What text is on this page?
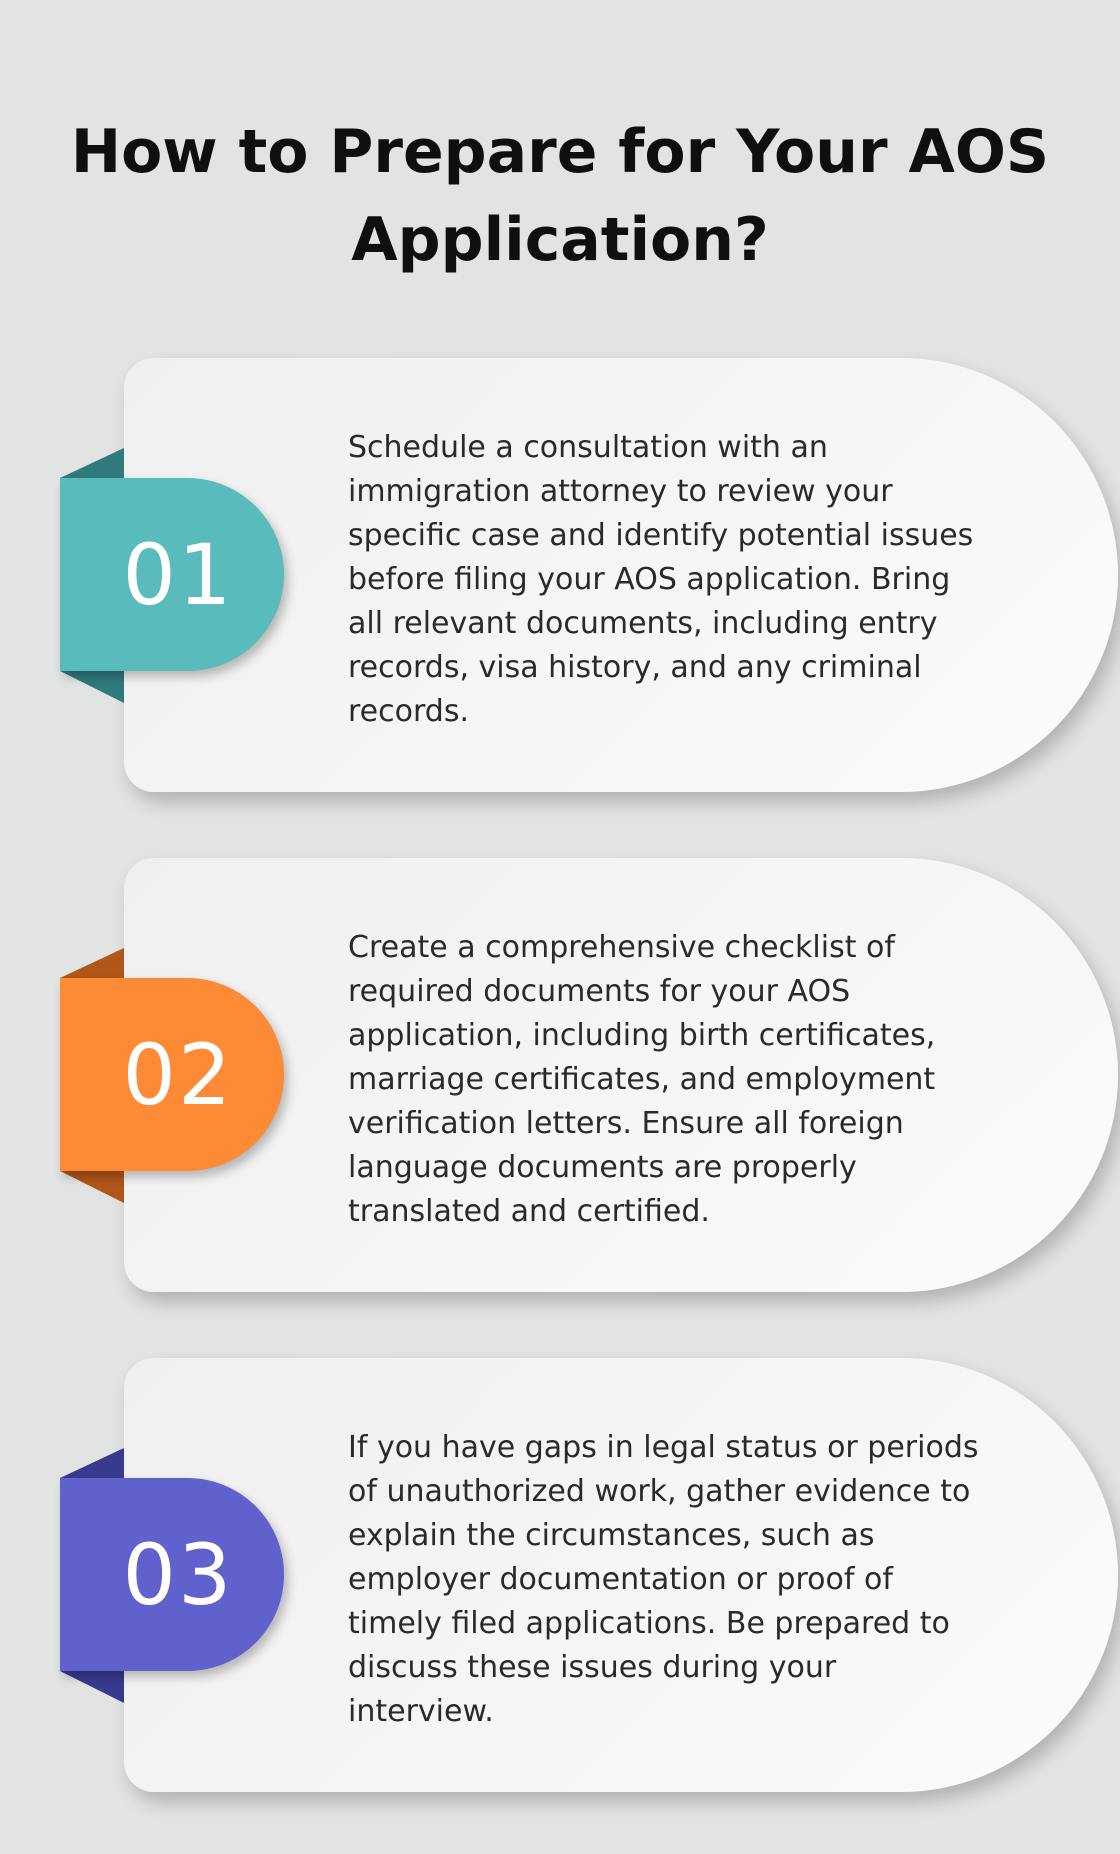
How to Prepare for Your AOS Application?
01

Schedule a consultation with an immigration attorney to review your specific case and identify potential issues before filing your AOS application. Bring all relevant documents, including entry records, visa history, and any criminal records.

02

Create a comprehensive checklist of required documents for your AOS application, including birth certificates, marriage certificates, and employment verification letters. Ensure all foreign language documents are properly translated and certified.

03

If you have gaps in legal status or periods of unauthorized work, gather evidence to explain the circumstances, such as employer documentation or proof of timely filed applications. Be prepared to discuss these issues during your interview.
